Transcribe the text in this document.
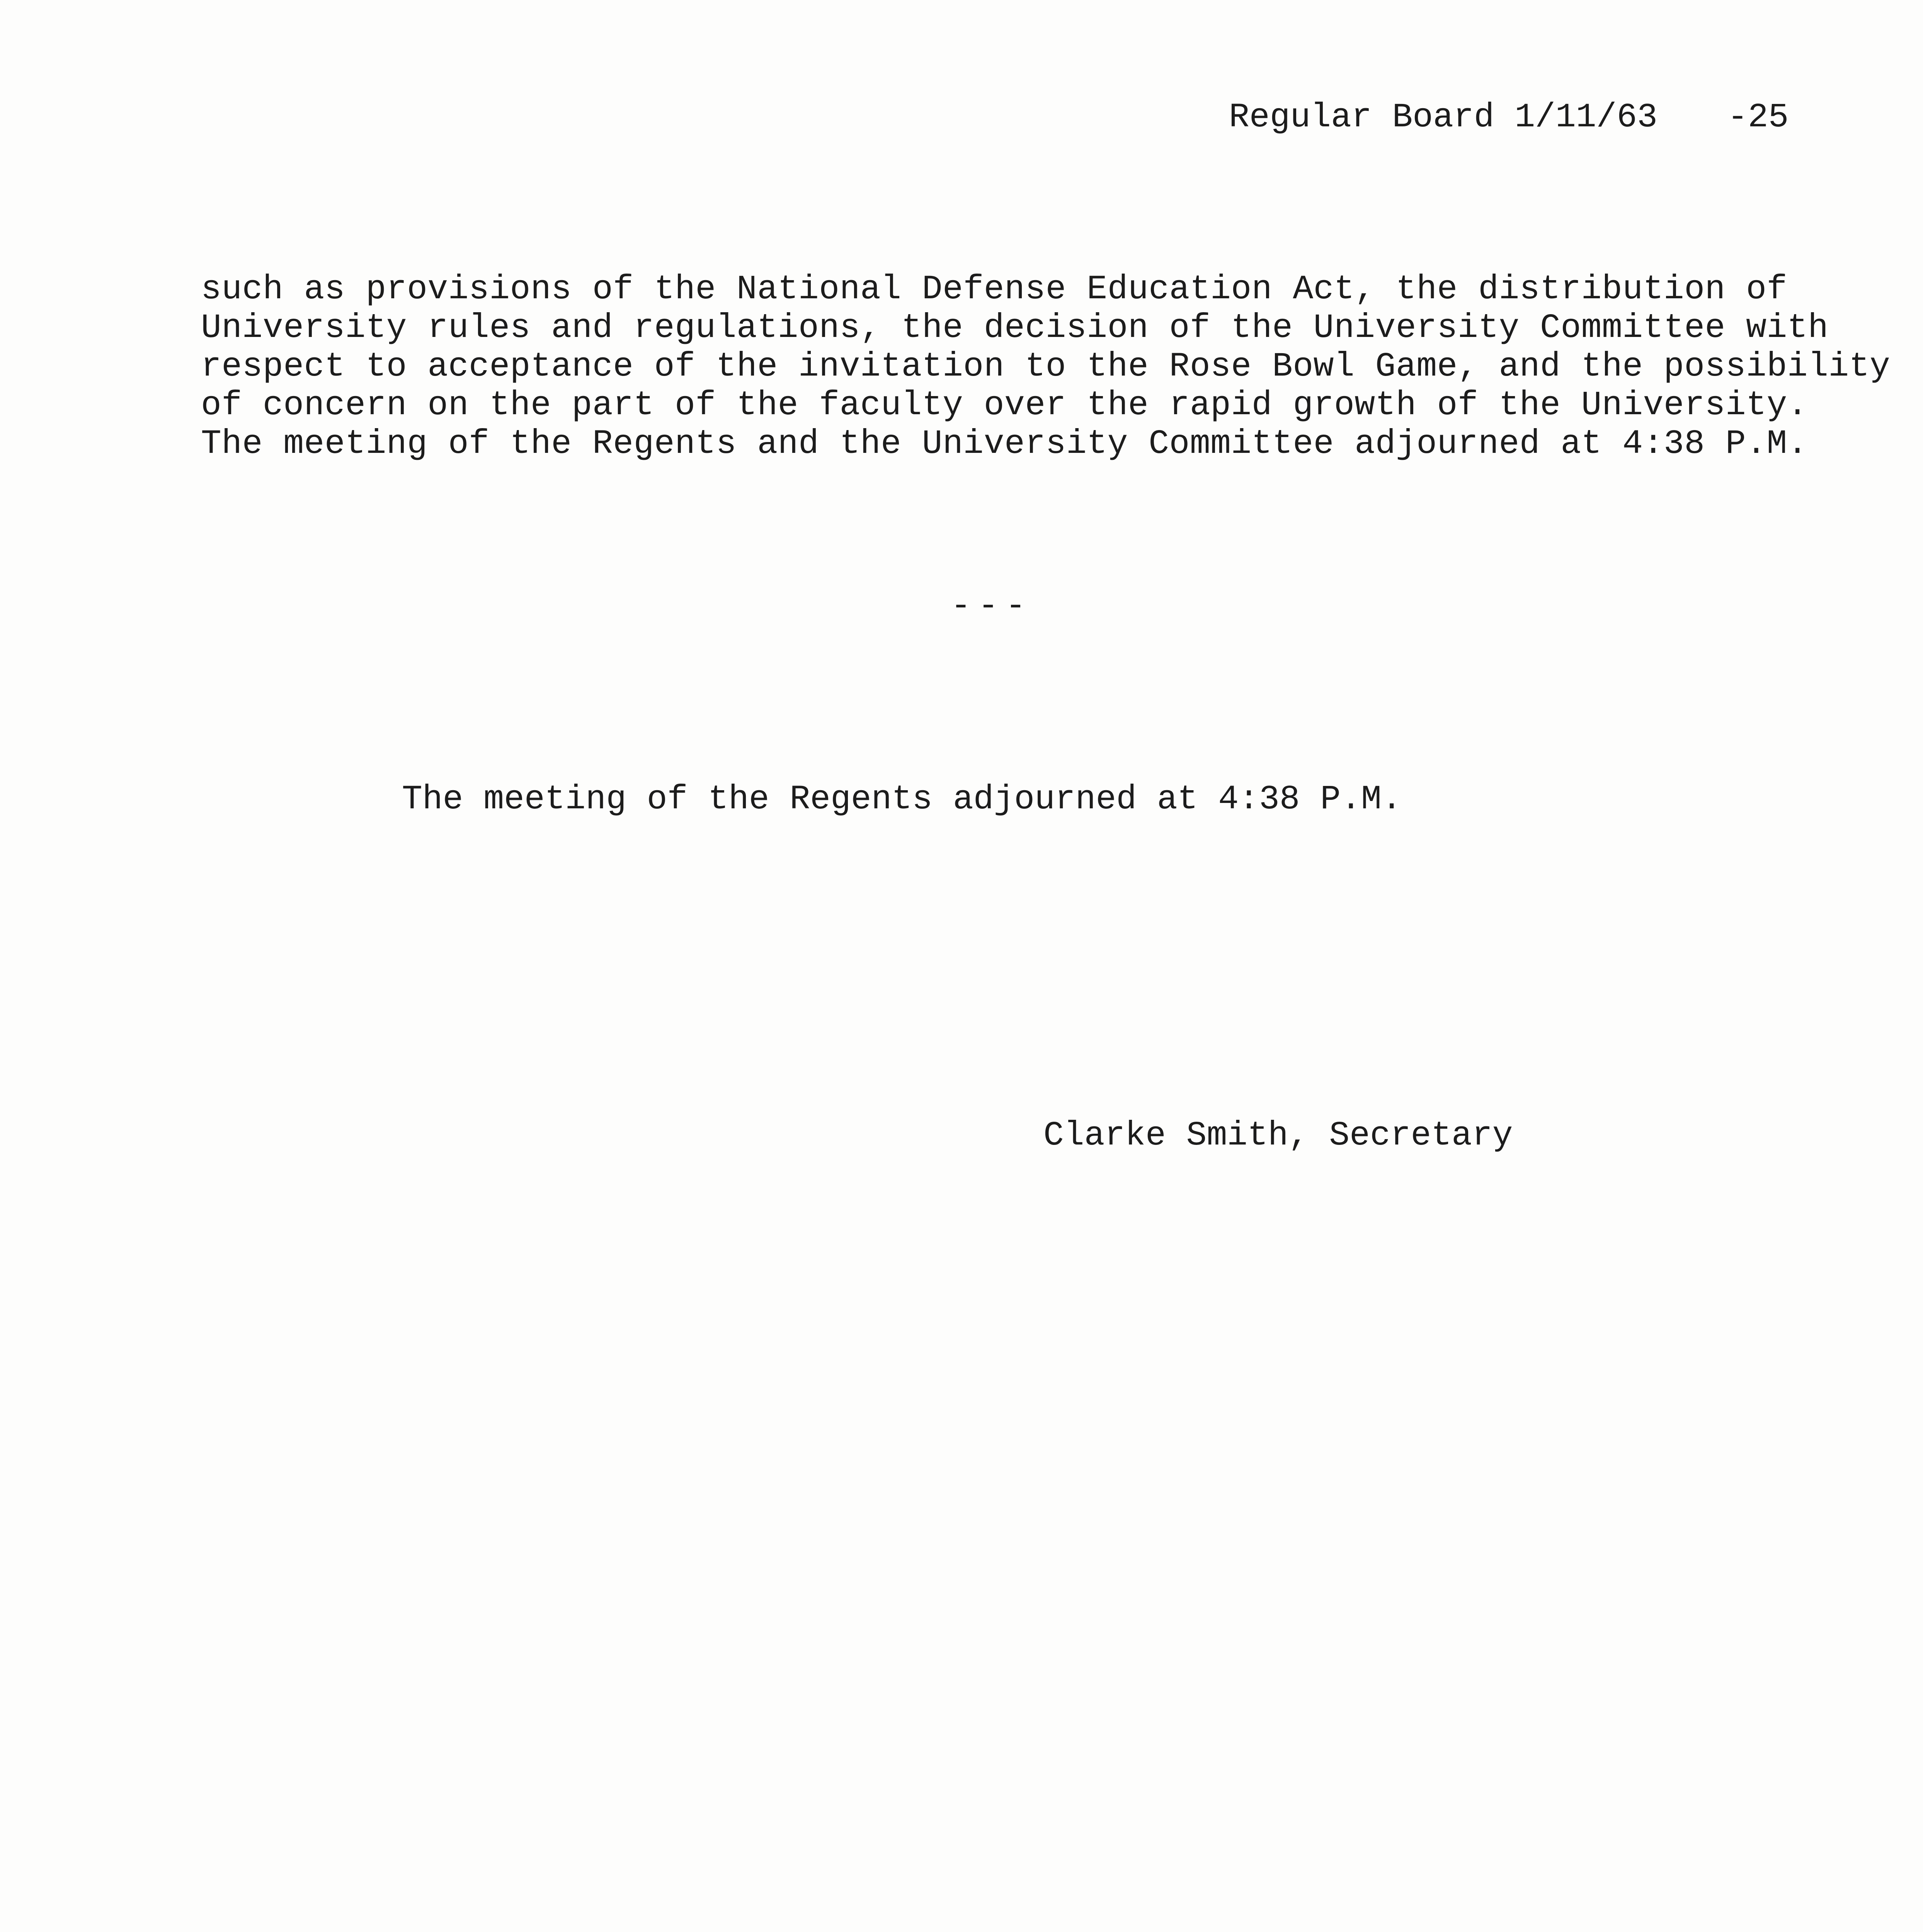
Regular Board 1/11/63 -25
such as provisions of the National Defense Education Act, the distribution of
University rules and regulations, the decision of the University Committee with
respect to acceptance of the invitation to the Rose Bowl Game, and the possibility
of concern on the part of the faculty over the rapid growth of the University.
The meeting of the Regents and the University Committee adjourned at 4:38 P.M.
---
The meeting of the Regents adjourned at 4:38 P.M.
Clarke Smith, Secretary
